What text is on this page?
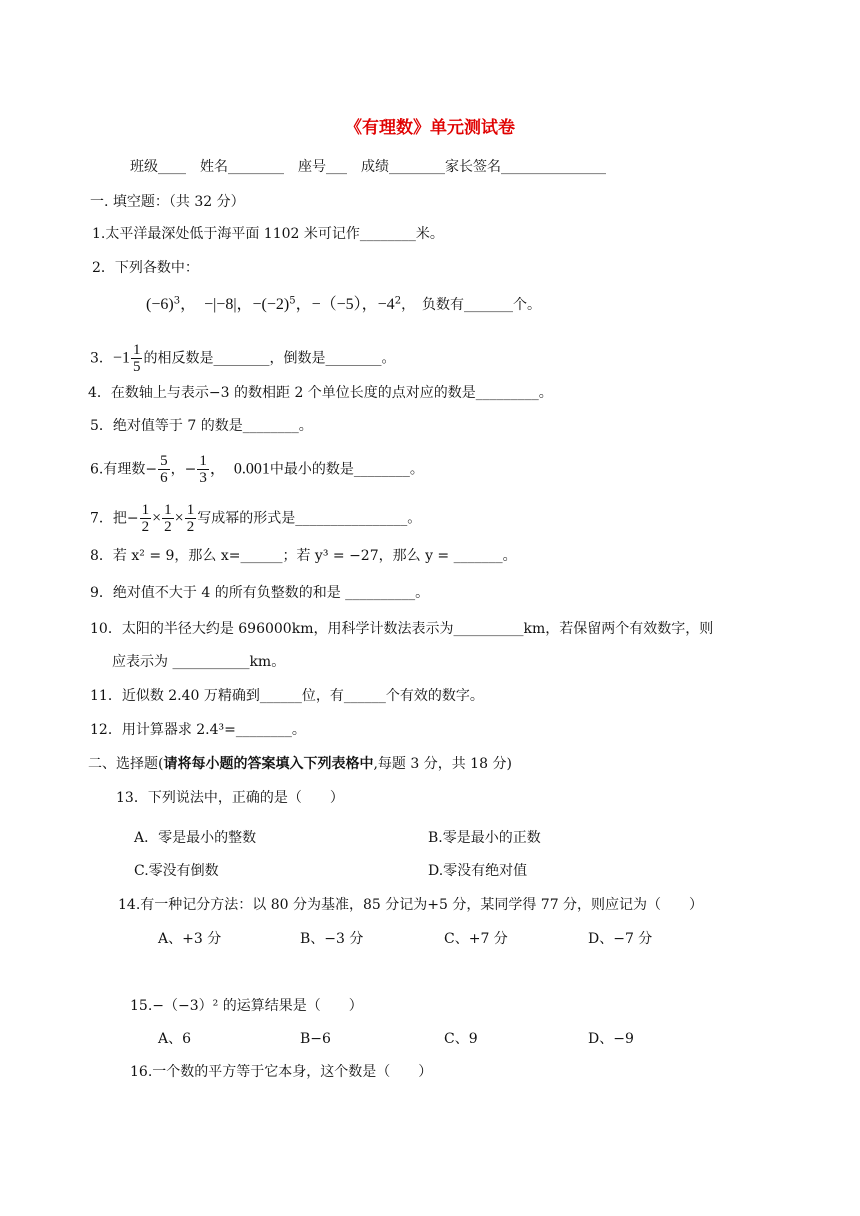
《有理数》单元测试卷
班级____　姓名________　座号___　成绩________家长签名_______________
一. 填空题：（共 32 分）
1.太平洋最深处低于海平面 1102 米可记作________米。
2．下列各数中：
$(-6)^3$，　−|−8|，$-(-2)^5$，−（−5），$-4^2$，　负数有_______个。
3．$-1 \frac{1}{5}$ 的相反数是________，倒数是________。
4．在数轴上与表示−3 的数相距 2 个单位长度的点对应的数是_________。
5．绝对值等于 7 的数是________。
6.有理数− $\frac{5}{6}$ ，− $\frac{1}{3}$ ，　0.001中最小的数是________。
7．把− $\frac{1}{2} \times \frac{1}{2} \times \frac{1}{2}$ 写成幂的形式是________________。
8．若 x² = 9，那么 x=______；若 y³ = −27，那么 y = _______。
9．绝对值不大于 4 的所有负整数的和是 __________。
10．太阳的半径大约是 696000km，用科学计数法表示为__________km，若保留两个有效数字，则
应表示为 ___________km。
11．近似数 2.40 万精确到______位，有______个有效的数字。
12．用计算器求 2.4³=________。
二、选择题(请将每小题的答案填入下列表格中,每题 3 分，共 18 分)
13．下列说法中，正确的是（　　）
A．零是最小的整数	B.零是最小的正数
C.零没有倒数	D.零没有绝对值
14.有一种记分方法：以 80 分为基准，85 分记为+5 分，某同学得 77 分，则应记为（　　）
A、+3 分	B、−3 分	C、+7 分	D、−7 分
15.−（−3）² 的运算结果是（　　）
A、6	B−6	C、9	D、−9
16.一个数的平方等于它本身，这个数是（　　）
